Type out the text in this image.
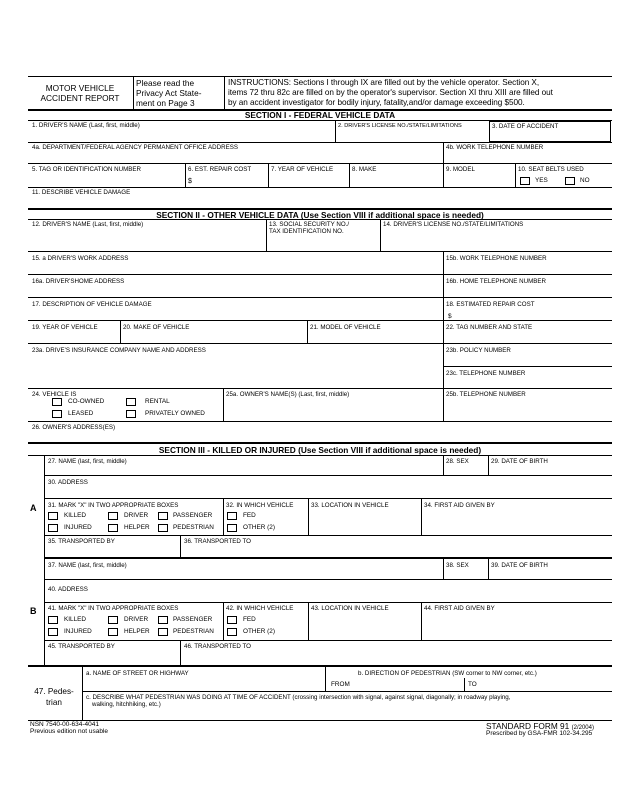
MOTOR VEHICLE
ACCIDENT REPORT
Please read the
Privacy Act State-
ment on Page 3
INSTRUCTIONS: Sections I through IX are filled out by the vehicle operator. Section X,
items 72 thru 82c are filled on by the operator's supervisor. Section XI thru XIII are filled out
by an accident investigator for bodily injury, fatality,and/or damage exceeding $500.
SECTION I - FEDERAL VEHICLE DATA
1. DRIVER'S NAME (Last, first, middle)	2. DRIVER'S LICENSE NO./STATE/LIMITATIONS	3. DATE OF ACCIDENT
4a. DEPARTMENT/FEDERAL AGENCY PERMANENT OFFICE ADDRESS	4b. WORK TELEPHONE NUMBER
5. TAG OR IDENTIFICATION NUMBER	6. EST. REPAIR COST
$
7. YEAR OF VEHICLE	8. MAKE	9. MODEL	10. SEAT BELTS USED
YES	NO
11. DESCRIBE VEHICLE DAMAGE
SECTION II - OTHER VEHICLE DATA (Use Section VIII if additional space is needed)
12. DRIVER'S NAME (Last, first, middle)	13. SOCIAL SECURITY NO./
TAX IDENTIFICATION NO.
14. DRIVER'S LICENSE NO./STATE/LIMITATIONS
15. a DRIVER'S WORK ADDRESS	15b. WORK TELEPHONE NUMBER
16a. DRIVER'SHOME ADDRESS	16b. HOME TELEPHONE NUMBER
17. DESCRIPTION OF VEHICLE DAMAGE	18. ESTIMATED REPAIR COST
$
19. YEAR OF VEHICLE	20. MAKE OF VEHICLE	21. MODEL OF VEHICLE	22. TAG NUMBER AND STATE
23a. DRIVE'S INSURANCE COMPANY NAME AND ADDRESS	23b. POLICY NUMBER
23c. TELEPHONE NUMBER
24. VEHICLE IS
CO-OWNED	RENTAL
LEASED	PRIVATELY OWNED
25a. OWNER'S NAME(S) (Last, first, middle)	25b. TELEPHONE NUMBER
26. OWNER'S ADDRESS(ES)
SECTION III - KILLED OR INJURED (Use Section VIII if additional space is needed)
A
27. NAME (last, first, middle)	28. SEX	29. DATE OF BIRTH
30. ADDRESS
31. MARK "X" IN TWO APPROPRIATE BOXES
KILLED	DRIVER	PASSENGER
INJURED	HELPER	PEDESTRIAN
32. IN WHICH VEHICLE
FED
OTHER (2)
33. LOCATION IN VEHICLE	34. FIRST AID GIVEN BY
35. TRANSPORTED BY	36. TRANSPORTED TO
B
37. NAME (last, first, middle)	38. SEX	39. DATE OF BIRTH
40. ADDRESS
41. MARK "X" IN TWO APPROPRIATE BOXES
KILLED	DRIVER	PASSENGER
INJURED	HELPER	PEDESTRIAN
42. IN WHICH VEHICLE
FED
OTHER (2)
43. LOCATION IN VEHICLE	44. FIRST AID GIVEN BY
45. TRANSPORTED BY	46. TRANSPORTED TO
47. Pedes-
trian
a. NAME OF STREET OR HIGHWAY	b. DIRECTION OF PEDESTRIAN (SW corner to NW corner, etc.)
FROM	TO
c. DESCRIBE WHAT PEDESTRIAN WAS DOING AT TIME OF ACCIDENT (crossing intersection with signal, against signal, diagonally; in roadway playing,
walking, hitchhiking, etc.)
NSN 7540-00-634-4041
Previous edition not usable
STANDARD FORM 91 (2/2004)
Prescribed by GSA-FMR 102-34.295
